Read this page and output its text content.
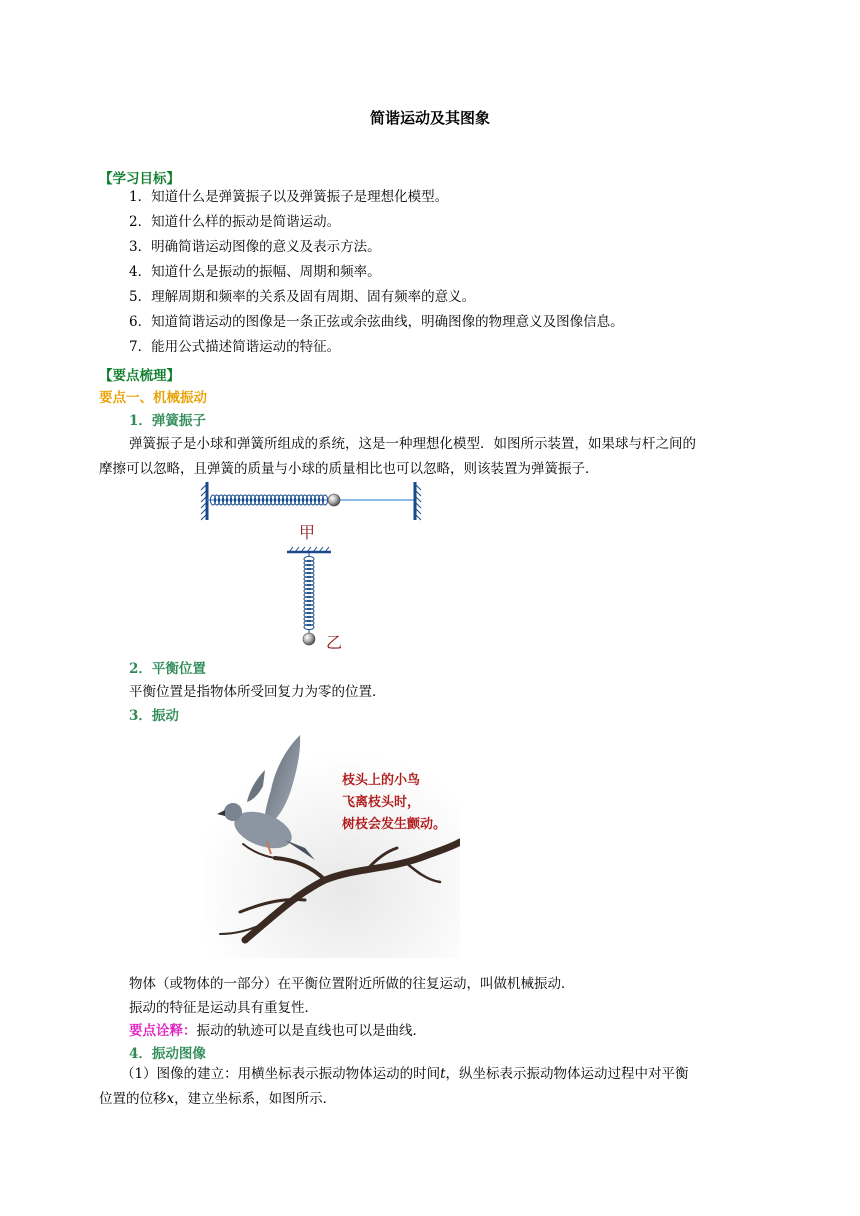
简谐运动及其图象
【学习目标】
1．知道什么是弹簧振子以及弹簧振子是理想化模型。
2．知道什么样的振动是简谐运动。
3．明确简谐运动图像的意义及表示方法。
4．知道什么是振动的振幅、周期和频率。
5．理解周期和频率的关系及固有周期、固有频率的意义。
6．知道简谐运动的图像是一条正弦或余弦曲线，明确图像的物理意义及图像信息。
7．能用公式描述简谐运动的特征。
【要点梳理】
要点一、机械振动
1．弹簧振子
弹簧振子是小球和弹簧所组成的系统，这是一种理想化模型．如图所示装置，如果球与杆之间的
摩擦可以忽略，且弹簧的质量与小球的质量相比也可以忽略，则该装置为弹簧振子．
甲
乙
2．平衡位置
平衡位置是指物体所受回复力为零的位置．
3．振动
枝头上的小鸟
飞离枝头时，
树枝会发生颤动。
物体（或物体的一部分）在平衡位置附近所做的往复运动，叫做机械振动．
振动的特征是运动具有重复性．
要点诠释：振动的轨迹可以是直线也可以是曲线．
4．振动图像
（1）图像的建立：用横坐标表示振动物体运动的时间t，纵坐标表示振动物体运动过程中对平衡
位置的位移x，建立坐标系，如图所示．
